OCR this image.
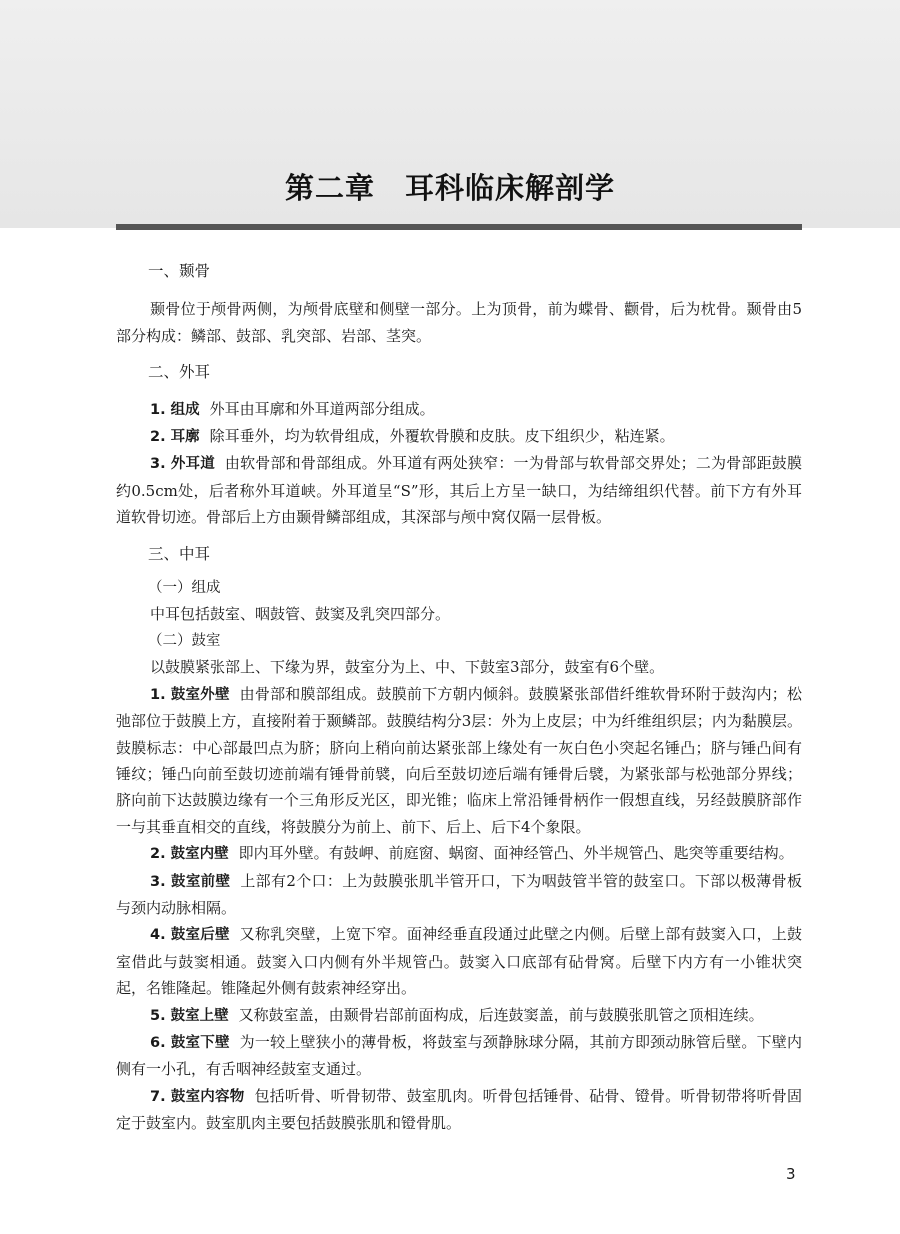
第二章　耳科临床解剖学
一、颞骨

颞骨位于颅骨两侧，为颅骨底壁和侧壁一部分。上为顶骨，前为蝶骨、颧骨，后为枕骨。颞骨由5部分构成：鳞部、鼓部、乳突部、岩部、茎突。

二、外耳

1. 组成 外耳由耳廓和外耳道两部分组成。

2. 耳廓 除耳垂外，均为软骨组成，外覆软骨膜和皮肤。皮下组织少，粘连紧。

3. 外耳道 由软骨部和骨部组成。外耳道有两处狭窄：一为骨部与软骨部交界处；二为骨部距鼓膜约0.5cm处，后者称外耳道峡。外耳道呈“S”形，其后上方呈一缺口，为结缔组织代替。前下方有外耳道软骨切迹。骨部后上方由颞骨鳞部组成，其深部与颅中窝仅隔一层骨板。

三、中耳
（一）组成

中耳包括鼓室、咽鼓管、鼓窦及乳突四部分。

（二）鼓室

以鼓膜紧张部上、下缘为界，鼓室分为上、中、下鼓室3部分，鼓室有6个壁。

1. 鼓室外壁 由骨部和膜部组成。鼓膜前下方朝内倾斜。鼓膜紧张部借纤维软骨环附于鼓沟内；松弛部位于鼓膜上方，直接附着于颞鳞部。鼓膜结构分3层：外为上皮层；中为纤维组织层；内为黏膜层。鼓膜标志：中心部最凹点为脐；脐向上稍向前达紧张部上缘处有一灰白色小突起名锤凸；脐与锤凸间有锤纹；锤凸向前至鼓切迹前端有锤骨前襞，向后至鼓切迹后端有锤骨后襞，为紧张部与松弛部分界线；脐向前下达鼓膜边缘有一个三角形反光区，即光锥；临床上常沿锤骨柄作一假想直线，另经鼓膜脐部作一与其垂直相交的直线，将鼓膜分为前上、前下、后上、后下4个象限。

2. 鼓室内壁 即内耳外壁。有鼓岬、前庭窗、蜗窗、面神经管凸、外半规管凸、匙突等重要结构。

3. 鼓室前壁 上部有2个口：上为鼓膜张肌半管开口，下为咽鼓管半管的鼓室口。下部以极薄骨板与颈内动脉相隔。

4. 鼓室后壁 又称乳突壁，上宽下窄。面神经垂直段通过此壁之内侧。后壁上部有鼓窦入口，上鼓室借此与鼓窦相通。鼓窦入口内侧有外半规管凸。鼓窦入口底部有砧骨窝。后壁下内方有一小锥状突起，名锥隆起。锥隆起外侧有鼓索神经穿出。

5. 鼓室上壁 又称鼓室盖，由颞骨岩部前面构成，后连鼓窦盖，前与鼓膜张肌管之顶相连续。

6. 鼓室下壁 为一较上壁狭小的薄骨板，将鼓室与颈静脉球分隔，其前方即颈动脉管后壁。下壁内侧有一小孔，有舌咽神经鼓室支通过。

7. 鼓室内容物 包括听骨、听骨韧带、鼓室肌肉。听骨包括锤骨、砧骨、镫骨。听骨韧带将听骨固定于鼓室内。鼓室肌肉主要包括鼓膜张肌和镫骨肌。

3
